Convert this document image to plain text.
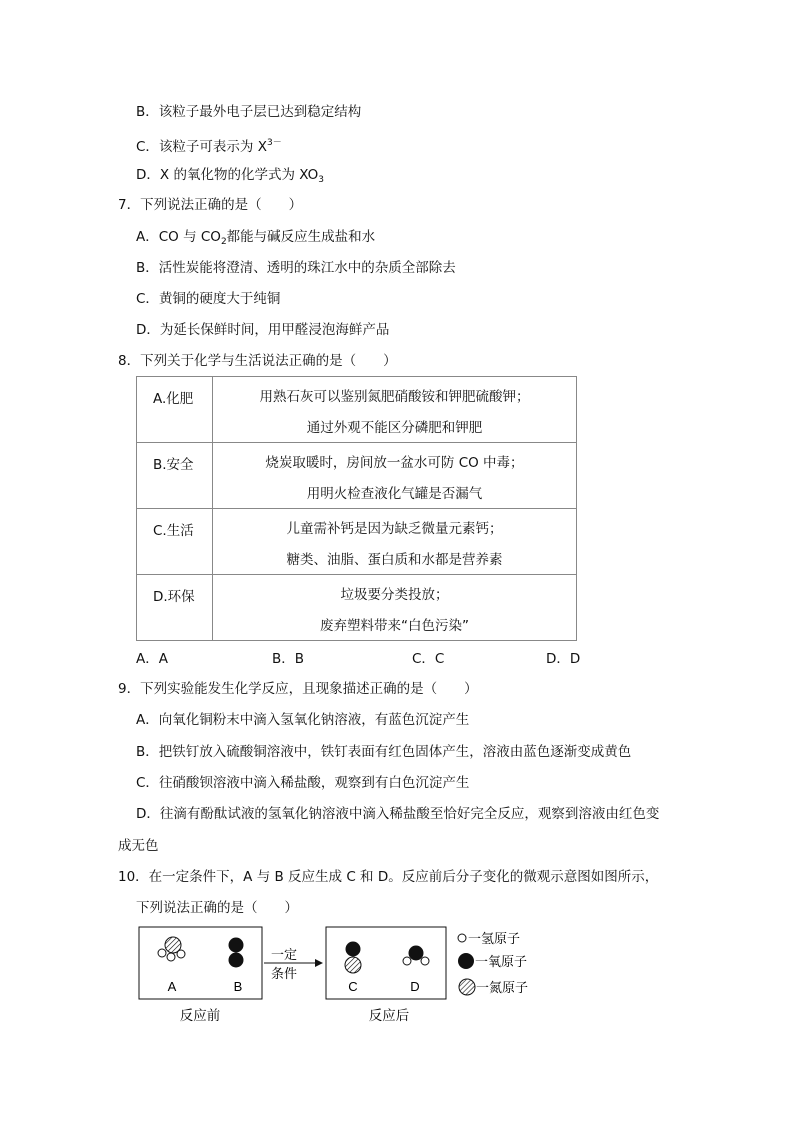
B．该粒子最外电子层已达到稳定结构
C．该粒子可表示为 $X^{3-}$
D．X 的氧化物的化学式为 $XO_3$
7．下列说法正确的是（　　）
A．CO 与 $CO_2$都能与碱反应生成盐和水
B．活性炭能将澄清、透明的珠江水中的杂质全部除去
C．黄铜的硬度大于纯铜
D．为延长保鲜时间，用甲醛浸泡海鲜产品
8．下列关于化学与生活说法正确的是（　　）
A.化肥	用熟石灰可以鉴别氮肥硝酸铵和钾肥硫酸钾；
通过外观不能区分磷肥和钾肥

B.安全	烧炭取暖时，房间放一盆水可防 CO 中毒；
用明火检查液化气罐是否漏气

C.生活	儿童需补钙是因为缺乏微量元素钙；
糖类、油脂、蛋白质和水都是营养素

D.环保	垃圾要分类投放；
废弃塑料带来“白色污染”
A．A	B．B	C．C	D．D
9．下列实验能发生化学反应，且现象描述正确的是（　　）
A．向氧化铜粉末中滴入氢氧化钠溶液，有蓝色沉淀产生
B．把铁钉放入硫酸铜溶液中，铁钉表面有红色固体产生，溶液由蓝色逐渐变成黄色
C．往硝酸钡溶液中滴入稀盐酸，观察到有白色沉淀产生
D．往滴有酚酞试液的氢氧化钠溶液中滴入稀盐酸至恰好完全反应，观察到溶液由红色变
成无色
10．在一定条件下，A 与 B 反应生成 C 和 D。反应前后分子变化的微观示意图如图所示，
下列说法正确的是（　　）
A	B
一定
条件
C	D
反应前	反应后
一氢原子
一氧原子
一氮原子
